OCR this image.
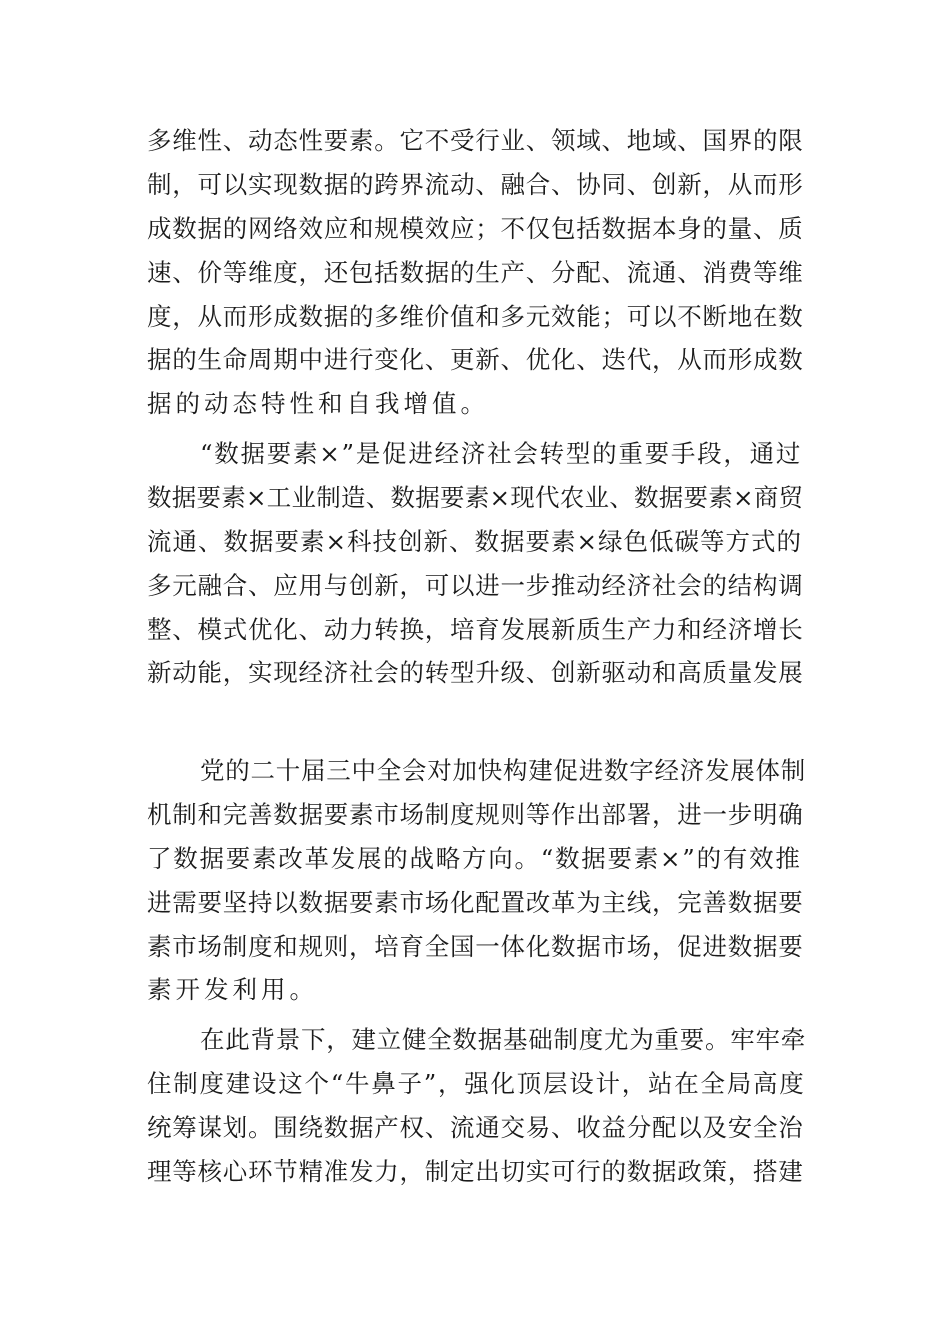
多维性、动态性要素。它不受行业、领域、地域、国界的限
制，可以实现数据的跨界流动、融合、协同、创新，从而形
成数据的网络效应和规模效应；不仅包括数据本身的量、质
速、价等维度，还包括数据的生产、分配、流通、消费等维
度，从而形成数据的多维价值和多元效能；可以不断地在数
据的生命周期中进行变化、更新、优化、迭代，从而形成数
据的动态特性和自我增值。
“数据要素×”是促进经济社会转型的重要手段，通过
数据要素×工业制造、数据要素×现代农业、数据要素×商贸
流通、数据要素×科技创新、数据要素×绿色低碳等方式的
多元融合、应用与创新，可以进一步推动经济社会的结构调
整、模式优化、动力转换，培育发展新质生产力和经济增长
新动能，实现经济社会的转型升级、创新驱动和高质量发展
党的二十届三中全会对加快构建促进数字经济发展体制
机制和完善数据要素市场制度规则等作出部署，进一步明确
了数据要素改革发展的战略方向。“数据要素×”的有效推
进需要坚持以数据要素市场化配置改革为主线，完善数据要
素市场制度和规则，培育全国一体化数据市场，促进数据要
素开发利用。
在此背景下，建立健全数据基础制度尤为重要。牢牢牵
住制度建设这个“牛鼻子”，强化顶层设计，站在全局高度
统筹谋划。围绕数据产权、流通交易、收益分配以及安全治
理等核心环节精准发力，制定出切实可行的数据政策，搭建
